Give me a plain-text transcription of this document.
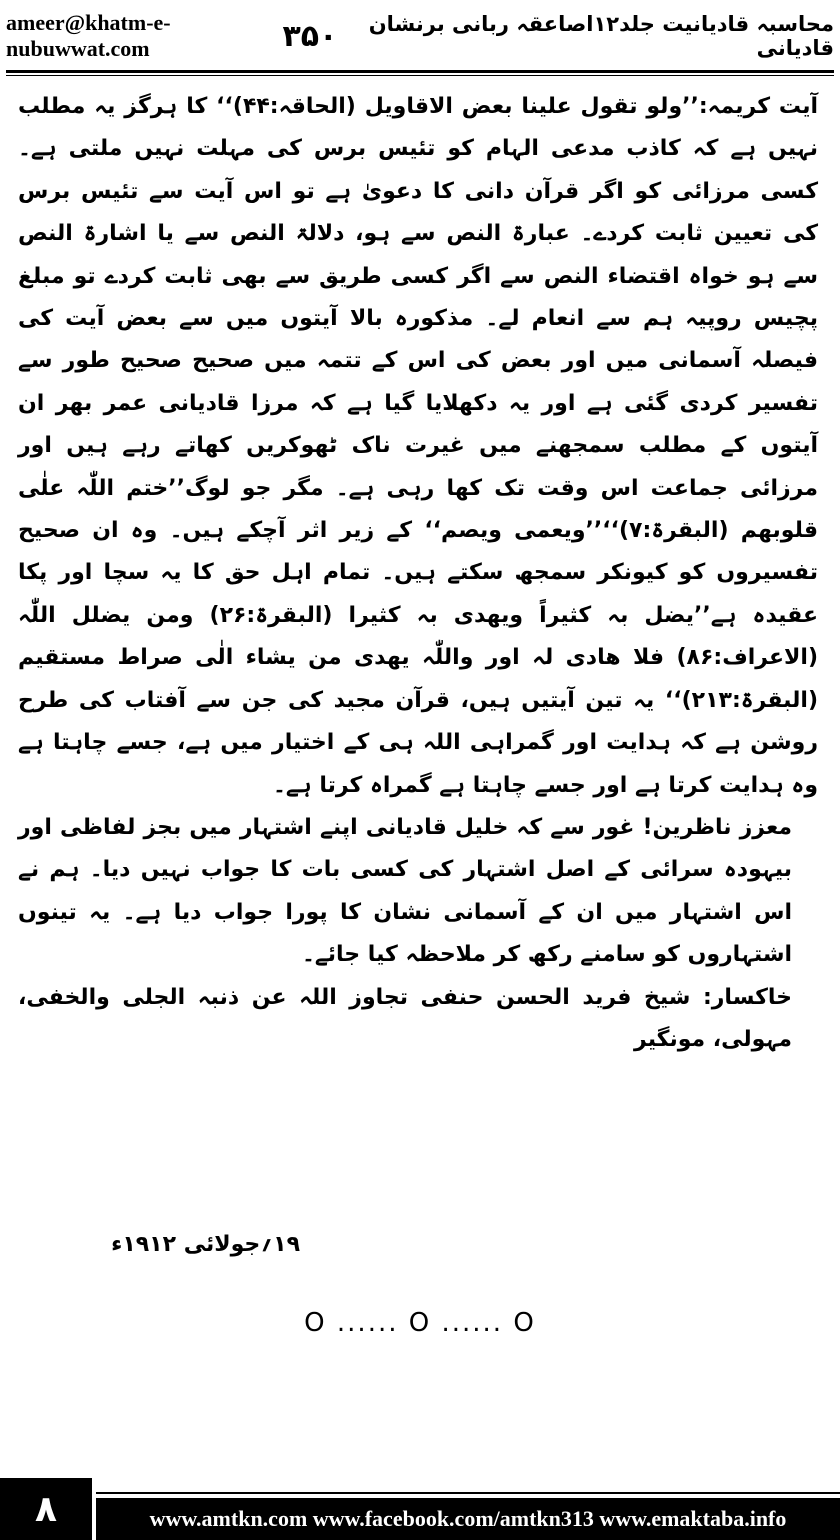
ameer@khatm-e-nubuwwat.com
محاسبہ قادیانیت جلد۱۲اصاعقہ ربانی برنشان قادیانی
۳۵۰

آیت کریمہ:’’ولو تقول علینا بعض الاقاویل (الحاقہ:۴۴)‘‘ کا ہرگز یہ مطلب نہیں ہے کہ کاذب مدعی الہام کو تئیس برس کی مہلت نہیں ملتی ہے۔ کسی مرزائی کو اگر قرآن دانی کا دعویٰ ہے تو اس آیت سے تئیس برس کی تعیین ثابت کردے۔ عبارۃ النص سے ہو، دلالۃ النص سے یا اشارۃ النص سے ہو خواہ اقتضاء النص سے اگر کسی طریق سے بھی ثابت کردے تو مبلغ پچیس روپیہ ہم سے انعام لے۔ مذکورہ بالا آیتوں میں سے بعض آیت کی فیصلہ آسمانی میں اور بعض کی اس کے تتمہ میں صحیح صحیح طور سے تفسیر کردی گئی ہے اور یہ دکھلایا گیا ہے کہ مرزا قادیانی عمر بھر ان آیتوں کے مطلب سمجھنے میں غیرت ناک ٹھوکریں کھاتے رہے ہیں اور مرزائی جماعت اس وقت تک کھا رہی ہے۔ مگر جو لوگ’’ختم اللّٰہ علٰی قلوبھم (البقرۃ:۷)‘‘’’ویعمی ویصم‘‘ کے زیر اثر آچکے ہیں۔ وہ ان صحیح تفسیروں کو کیونکر سمجھ سکتے ہیں۔ تمام اہل حق کا یہ سچا اور پکا عقیدہ ہے’’یضل بہ کثیراً ویھدی بہ کثیرا (البقرۃ:۲۶) ومن یضلل اللّٰہ (الاعراف:۸۶) فلا ھادی لہ اور واللّٰہ یھدی من یشاء الٰی صراط مستقیم (البقرۃ:۲۱۳)‘‘ یہ تین آیتیں ہیں، قرآن مجید کی جن سے آفتاب کی طرح روشن ہے کہ ہدایت اور گمراہی اللہ ہی کے اختیار میں ہے، جسے چاہتا ہے وہ ہدایت کرتا ہے اور جسے چاہتا ہے گمراہ کرتا ہے۔

معزز ناظرین! غور سے کہ خلیل قادیانی اپنے اشتہار میں بجز لفاظی اور بیہودہ سرائی کے اصل اشتہار کی کسی بات کا جواب نہیں دیا۔ ہم نے اس اشتہار میں ان کے آسمانی نشان کا پورا جواب دیا ہے۔ یہ تینوں اشتہاروں کو سامنے رکھ کر ملاحظہ کیا جائے۔

خاکسار: شیخ فرید الحسن حنفی تجاوز اللہ عن ذنبہ الجلی والخفی، مہولی، مونگیر

۱۹؍جولائی ۱۹۱۲ء
O ...... O ...... O
۸	www.amtkn.com www.facebook.com/amtkn313 www.emaktaba.info
